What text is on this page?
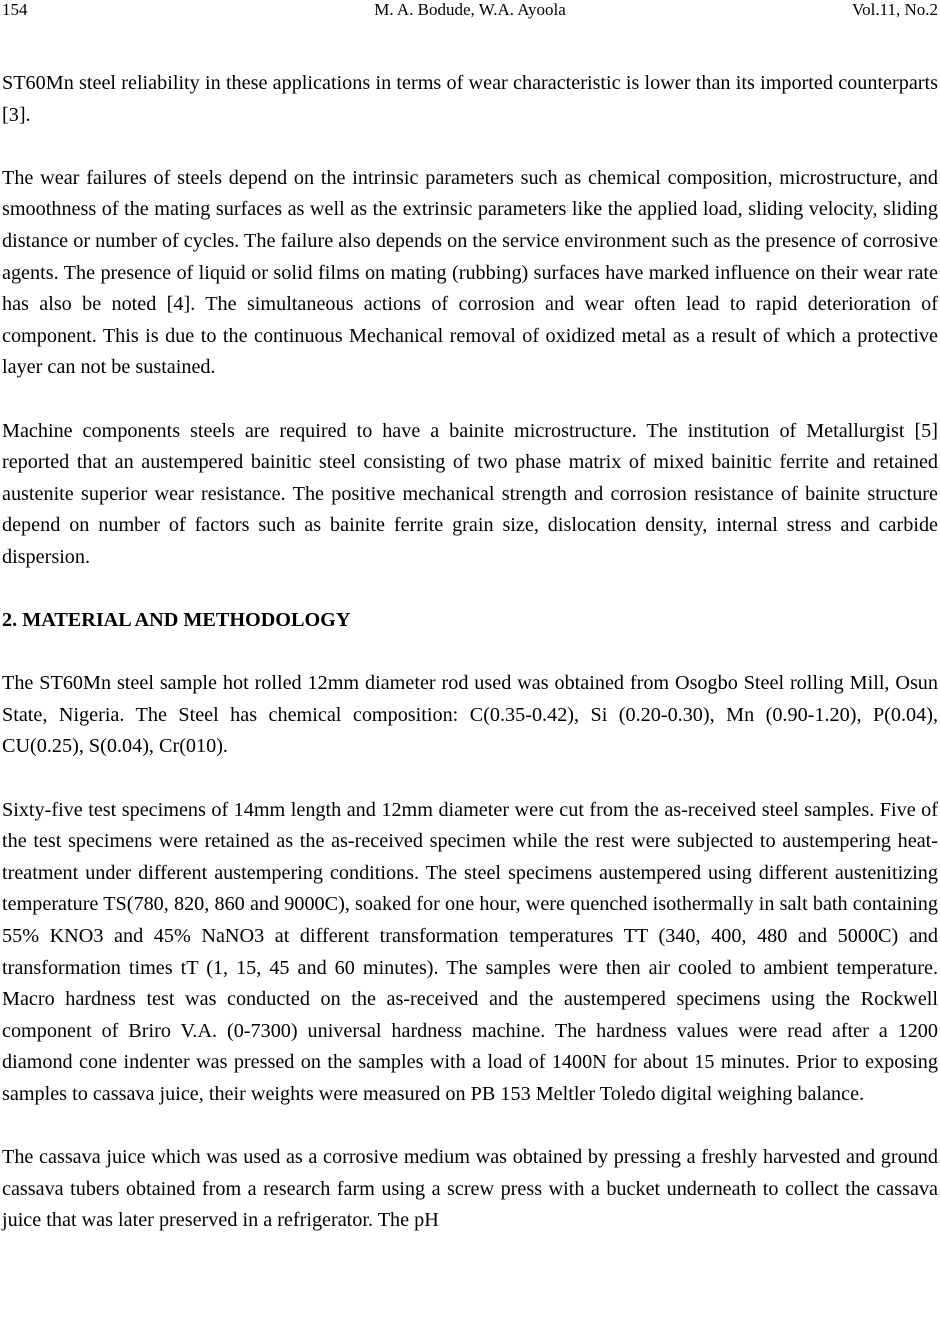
154	M. A. Bodude, W.A. Ayoola	Vol.11, No.2

ST60Mn steel reliability in these applications in terms of wear characteristic is lower than its imported counterparts [3].

The wear failures of steels depend on the intrinsic parameters such as chemical composition, microstructure, and smoothness of the mating surfaces as well as the extrinsic parameters like the applied load, sliding velocity, sliding distance or number of cycles. The failure also depends on the service environment such as the presence of corrosive agents. The presence of liquid or solid films on mating (rubbing) surfaces have marked influence on their wear rate has also be noted [4]. The simultaneous actions of corrosion and wear often lead to rapid deterioration of component. This is due to the continuous Mechanical removal of oxidized metal as a result of which a protective layer can not be sustained.

Machine components steels are required to have a bainite microstructure. The institution of Metallurgist [5] reported that an austempered bainitic steel consisting of two phase matrix of mixed bainitic ferrite and retained austenite superior wear resistance. The positive mechanical strength and corrosion resistance of bainite structure depend on number of factors such as bainite ferrite grain size, dislocation density, internal stress and carbide dispersion.

2. MATERIAL AND METHODOLOGY

The ST60Mn steel sample hot rolled 12mm diameter rod used was obtained from Osogbo Steel rolling Mill, Osun State, Nigeria. The Steel has chemical composition: C(0.35-0.42), Si (0.20-0.30), Mn (0.90-1.20), P(0.04), CU(0.25), S(0.04), Cr(010).

Sixty-five test specimens of 14mm length and 12mm diameter were cut from the as-received steel samples. Five of the test specimens were retained as the as-received specimen while the rest were subjected to austempering heat-treatment under different austempering conditions. The steel specimens austempered using different austenitizing temperature TS(780, 820, 860 and 9000C), soaked for one hour, were quenched isothermally in salt bath containing 55% KNO3 and 45% NaNO3 at different transformation temperatures TT (340, 400, 480 and 5000C) and transformation times tT (1, 15, 45 and 60 minutes). The samples were then air cooled to ambient temperature. Macro hardness test was conducted on the as-received and the austempered specimens using the Rockwell component of Briro V.A. (0-7300) universal hardness machine. The hardness values were read after a 1200 diamond cone indenter was pressed on the samples with a load of 1400N for about 15 minutes. Prior to exposing samples to cassava juice, their weights were measured on PB 153 Meltler Toledo digital weighing balance.

The cassava juice which was used as a corrosive medium was obtained by pressing a freshly harvested and ground cassava tubers obtained from a research farm using a screw press with a bucket underneath to collect the cassava juice that was later preserved in a refrigerator. The pH
